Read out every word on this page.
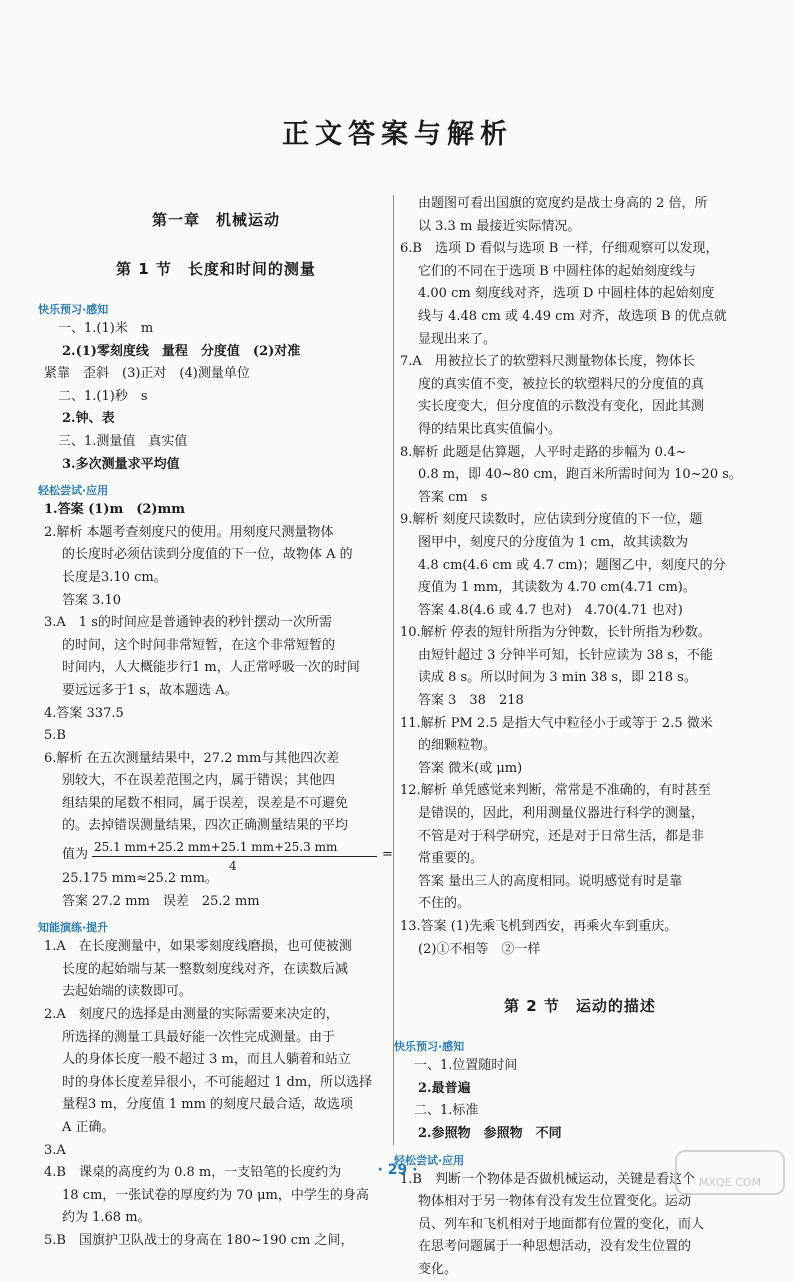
正文答案与解析
第一章　机械运动
第 1 节　长度和时间的测量
快乐预习·感知
一、1.(1)米　m
2.(1)零刻度线　量程　分度值　(2)对准
紧靠　歪斜　(3)正对　(4)测量单位
二、1.(1)秒　s
2.钟、表
三、1.测量值　真实值
3.多次测量求平均值
轻松尝试·应用
1.答案 (1)m　(2)mm
2.解析 本题考查刻度尺的使用。用刻度尺测量物体
的长度时必须估读到分度值的下一位，故物体 A 的
长度是3.10 cm。
答案 3.10
3.A　1 s的时间应是普通钟表的秒针摆动一次所需
的时间，这个时间非常短暂，在这个非常短暂的
时间内，人大概能步行1 m，人正常呼吸一次的时间
要远远多于1 s，故本题选 A。
4.答案 337.5
5.B
6.解析 在五次测量结果中，27.2 mm与其他四次差
别较大，不在误差范围之内，属于错误；其他四
组结果的尾数不相同，属于误差，误差是不可避免
的。去掉错误测量结果，四次正确测量结果的平均
值为 25.1 mm+25.2 mm+25.1 mm+25.3 mm
4
=
25.175 mm≈25.2 mm。
答案 27.2 mm　误差　25.2 mm
知能演练·提升
1.A　在长度测量中，如果零刻度线磨损，也可使被测
长度的起始端与某一整数刻度线对齐，在读数后减
去起始端的读数即可。
2.A　刻度尺的选择是由测量的实际需要来决定的，
所选择的测量工具最好能一次性完成测量。由于
人的身体长度一般不超过 3 m，而且人躺着和站立
时的身体长度差异很小，不可能超过 1 dm，所以选择
量程3 m，分度值 1 mm 的刻度尺最合适，故选项
A 正确。
3.A
4.B　课桌的高度约为 0.8 m，一支铅笔的长度约为
18 cm，一张试卷的厚度约为 70 μm，中学生的身高
约为 1.68 m。
5.B　国旗护卫队战士的身高在 180~190 cm 之间，
由题图可看出国旗的宽度约是战士身高的 2 倍，所
以 3.3 m 最接近实际情况。
6.B　选项 D 看似与选项 B 一样，仔细观察可以发现，
它们的不同在于选项 B 中圆柱体的起始刻度线与
4.00 cm 刻度线对齐，选项 D 中圆柱体的起始刻度
线与 4.48 cm 或 4.49 cm 对齐，故选项 B 的优点就
显现出来了。
7.A　用被拉长了的软塑料尺测量物体长度，物体长
度的真实值不变，被拉长的软塑料尺的分度值的真
实长度变大，但分度值的示数没有变化，因此其测
得的结果比真实值偏小。
8.解析 此题是估算题，人平时走路的步幅为 0.4~
0.8 m，即 40~80 cm，跑百米所需时间为 10~20 s。
答案 cm　s
9.解析 刻度尺读数时，应估读到分度值的下一位，题
图甲中，刻度尺的分度值为 1 cm，故其读数为
4.8 cm(4.6 cm 或 4.7 cm)；题图乙中，刻度尺的分
度值为 1 mm，其读数为 4.70 cm(4.71 cm)。
答案 4.8(4.6 或 4.7 也对)　4.70(4.71 也对)
10.解析 停表的短针所指为分钟数，长针所指为秒数。
由短针超过 3 分钟半可知，长针应读为 38 s，不能
读成 8 s。所以时间为 3 min 38 s，即 218 s。
答案 3　38　218
11.解析 PM 2.5 是指大气中粒径小于或等于 2.5 微米
的细颗粒物。
答案 微米(或 μm)
12.解析 单凭感觉来判断，常常是不准确的，有时甚至
是错误的，因此，利用测量仪器进行科学的测量，
不管是对于科学研究，还是对于日常生活，都是非
常重要的。
答案 量出三人的高度相同。说明感觉有时是靠
不住的。
13.答案 (1)先乘飞机到西安，再乘火车到重庆。
(2)①不相等　②一样
第 2 节　运动的描述
快乐预习·感知
一、1.位置随时间
2.最普遍
二、1.标准
2.参照物　参照物　不同
轻松尝试·应用
1.B　判断一个物体是否做机械运动，关键是看这个
物体相对于另一物体有没有发生位置变化。运动
员、列车和飞机相对于地面都有位置的变化，而人
在思考问题属于一种思想活动，没有发生位置的
变化。
· 29 ·
MXQE.COM
